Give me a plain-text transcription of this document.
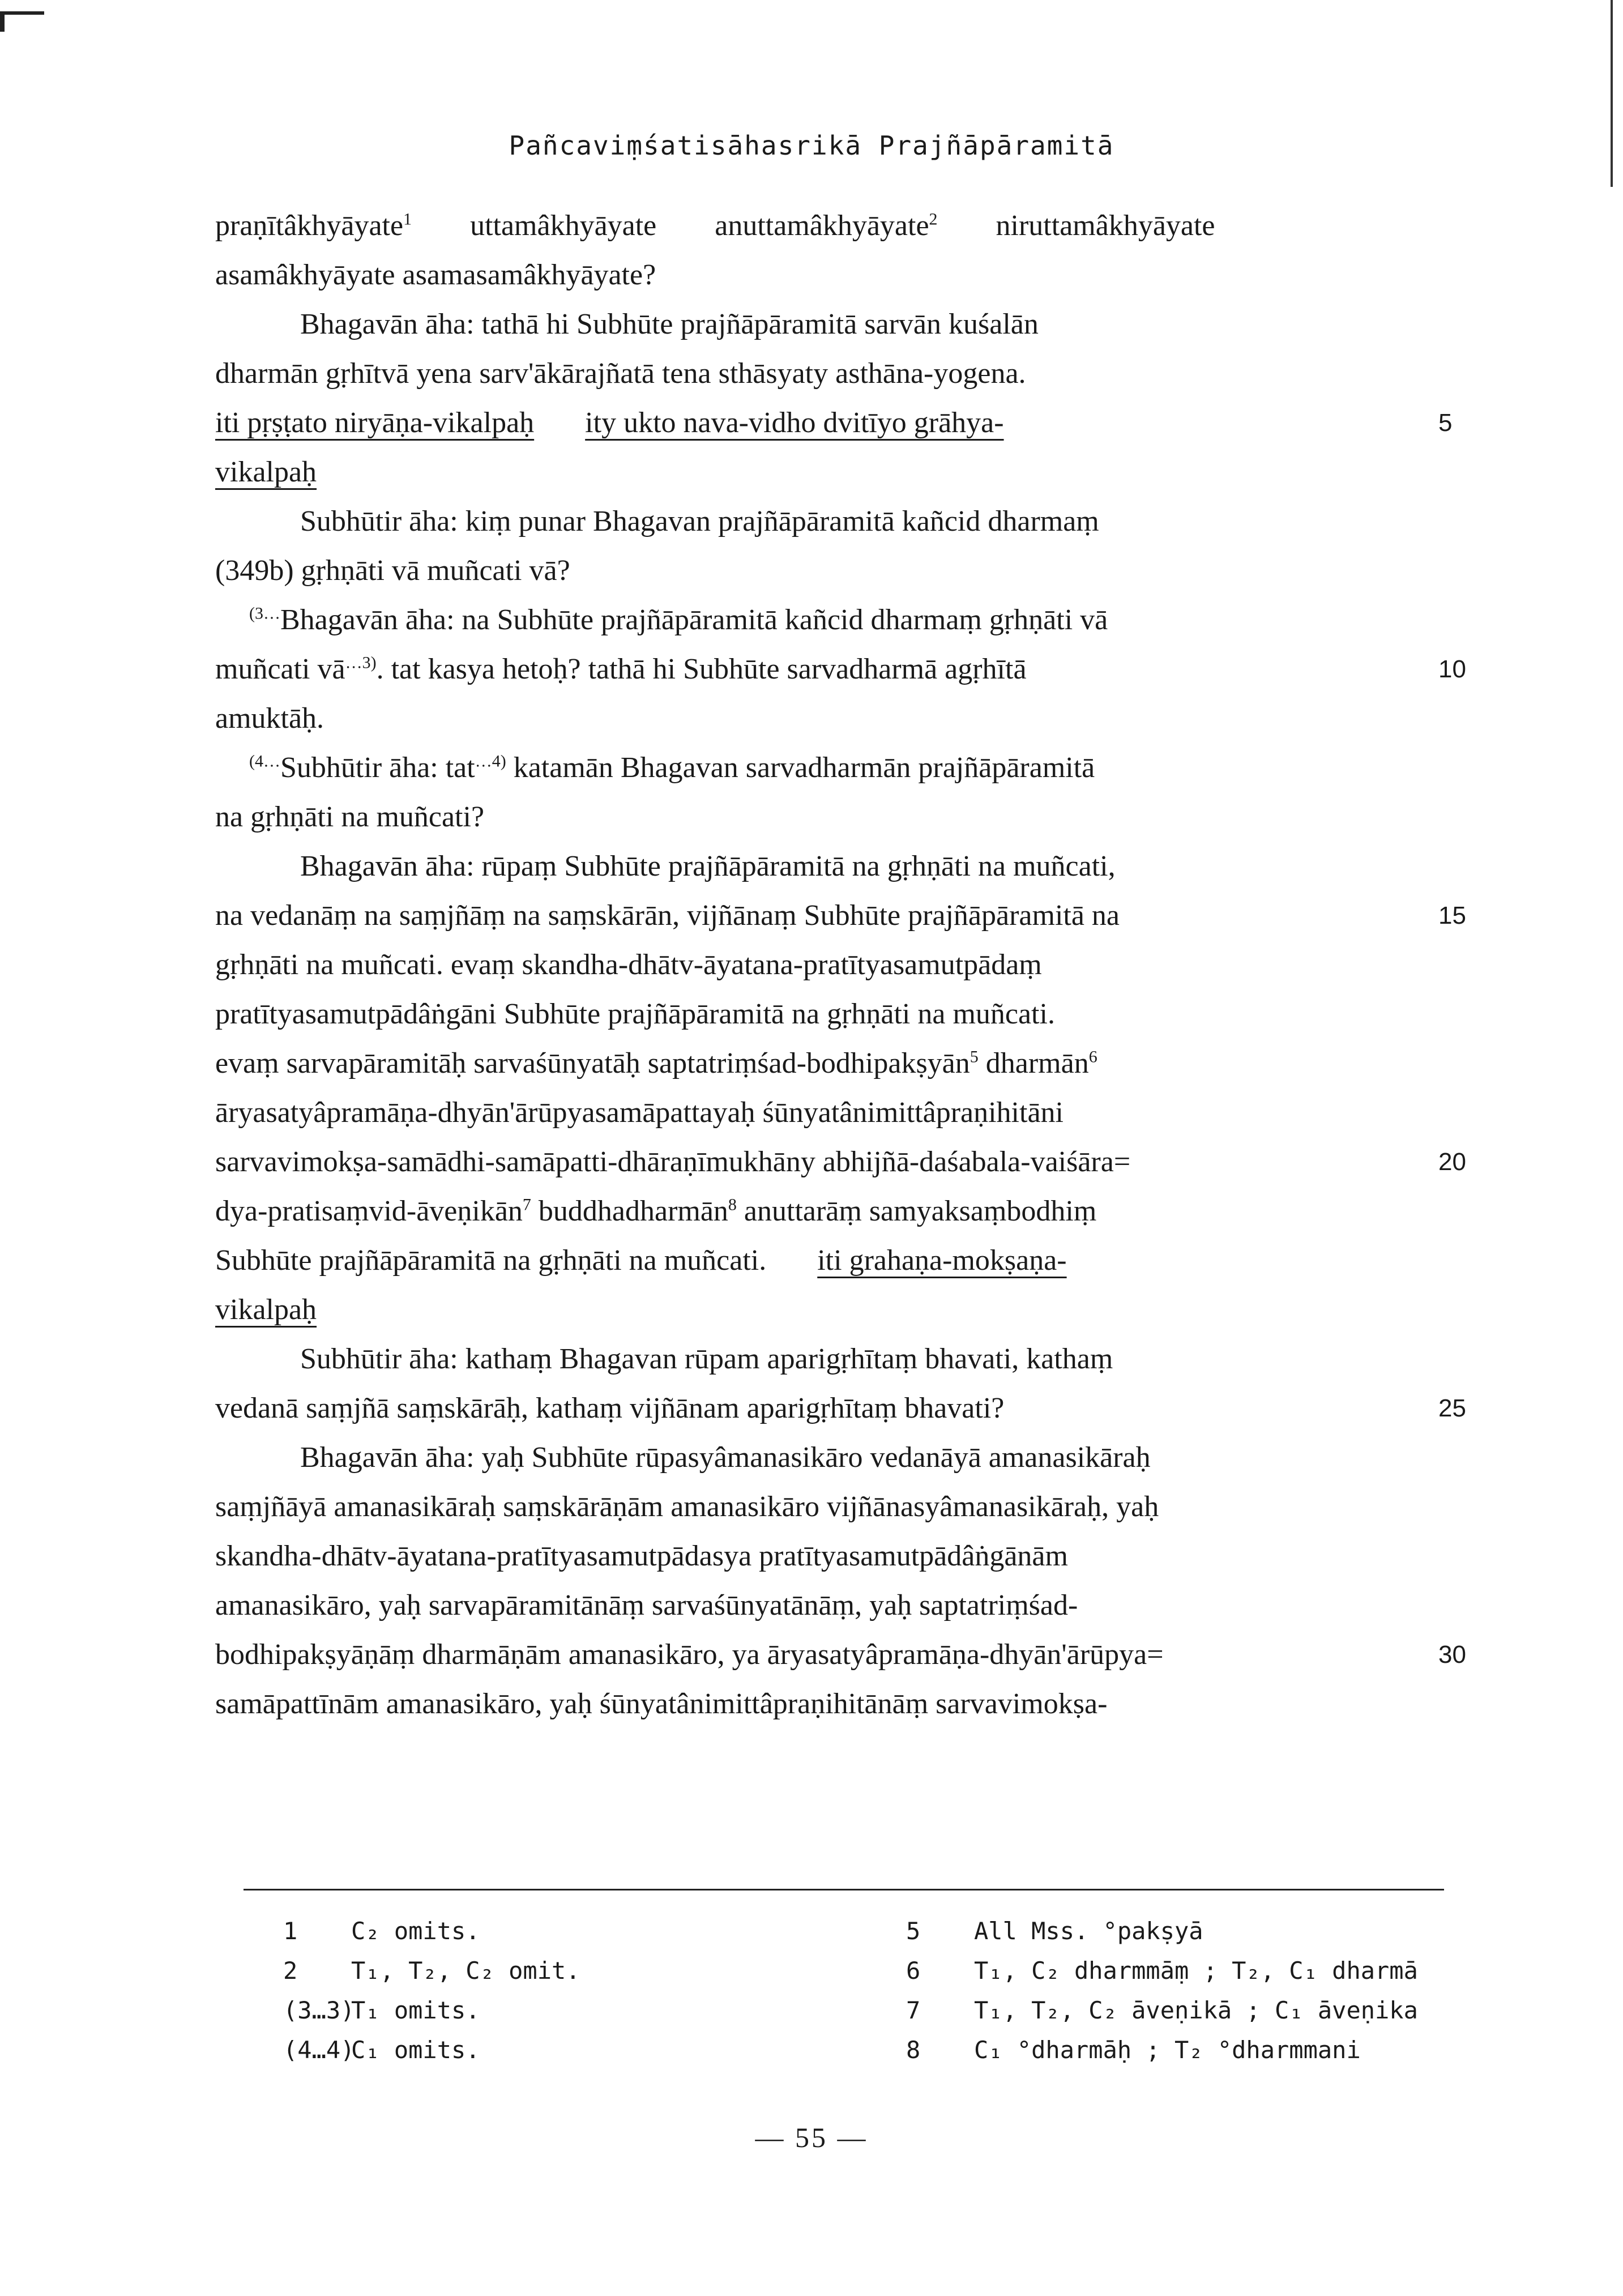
Pañcaviṃśatisāhasrikā Prajñāpāramitā
praṇītâkhyāyate$^1$ uttamâkhyāyate anuttamâkhyāyate$^2$ niruttamâkhyāyate
asamâkhyāyate asamasamâkhyāyate?
Bhagavān āha: tathā hi Subhūte prajñāpāramitā sarvān kuśalān
dharmān gṛhītvā yena sarv'ākārajñatā tena sthāsyaty asthāna-yogena.
iti pṛṣṭato niryāṇa-vikalpaḥ ity ukto nava-vidho dvitīyo grāhya-	5
vikalpaḥ
Subhūtir āha: kiṃ punar Bhagavan prajñāpāramitā kañcid dharmaṃ
(349b) gṛhṇāti vā muñcati vā?
$^{(3\dots}$Bhagavān āha: na Subhūte prajñāpāramitā kañcid dharmaṃ gṛhṇāti vā
muñcati $vā^{\dots 3)}$. tat kasya hetoḥ? tathā hi Subhūte sarvadharmā agṛhītā	10
amuktāḥ.
$^{(4\dots}$Subhūtir āha: tat$^{\dots 4)}$ katamān Bhagavan sarvadharmān prajñāpāramitā
na gṛhṇāti na muñcati?
Bhagavān āha: rūpaṃ Subhūte prajñāpāramitā na gṛhṇāti na muñcati,
na vedanāṃ na saṃjñāṃ na saṃskārān, vijñānaṃ Subhūte prajñāpāramitā na	15
gṛhṇāti na muñcati. evaṃ skandha-dhātv-āyatana-pratītyasamutpādaṃ
pratītyasamutpādâṅgāni Subhūte prajñāpāramitā na gṛhṇāti na muñcati.
evaṃ sarvapāramitāḥ sarvaśūnyatāḥ saptatriṃśad-bodhipakṣyān$^5$ dharmān$^6$
āryasatyâpramāṇa-dhyān'ārūpyasamāpattayaḥ śūnyatânimittâpraṇihitāni
sarvavimokṣa-samādhi-samāpatti-dhāraṇīmukhāny abhijñā-daśabala-vaiśāra=	20
dya-pratisaṃvid-āveṇikān$^7$ buddhadharmān$^8$ anuttarāṃ samyaksaṃbodhiṃ
Subhūte prajñāpāramitā na gṛhṇāti na muñcati. iti grahaṇa-mokṣaṇa-
vikalpaḥ
Subhūtir āha: kathaṃ Bhagavan rūpam aparigṛhītaṃ bhavati, kathaṃ
vedanā saṃjñā saṃskārāḥ, kathaṃ vijñānam aparigṛhītaṃ bhavati?	25
Bhagavān āha: yaḥ Subhūte rūpasyâmanasikāro vedanāyā amanasikāraḥ
saṃjñāyā amanasikāraḥ saṃskārāṇām amanasikāro vijñānasyâmanasikāraḥ, yaḥ
skandha-dhātv-āyatana-pratītyasamutpādasya pratītyasamutpādâṅgānām
amanasikāro, yaḥ sarvapāramitānāṃ sarvaśūnyatānāṃ, yaḥ saptatriṃśad-
bodhipakṣyāṇāṃ dharmāṇām amanasikāro, ya āryasatyâpramāṇa-dhyān'ārūpya=	30
samāpattīnām amanasikāro, yaḥ śūnyatânimittâpraṇihitānāṃ sarvavimokṣa-
1 C₂ omits.
2 T₁, T₂, C₂ omit.
(3…3)T₁ omits.
(4…4)C₁ omits.
5 All Mss. °pakṣyā
6 T₁, C₂ dharmmāṃ ; T₂, C₁ dharmā
7 T₁, T₂, C₂ āveṇikā ; C₁ āveṇika
8 C₁ °dharmāḥ ; T₂ °dharmmani
— 55 —
